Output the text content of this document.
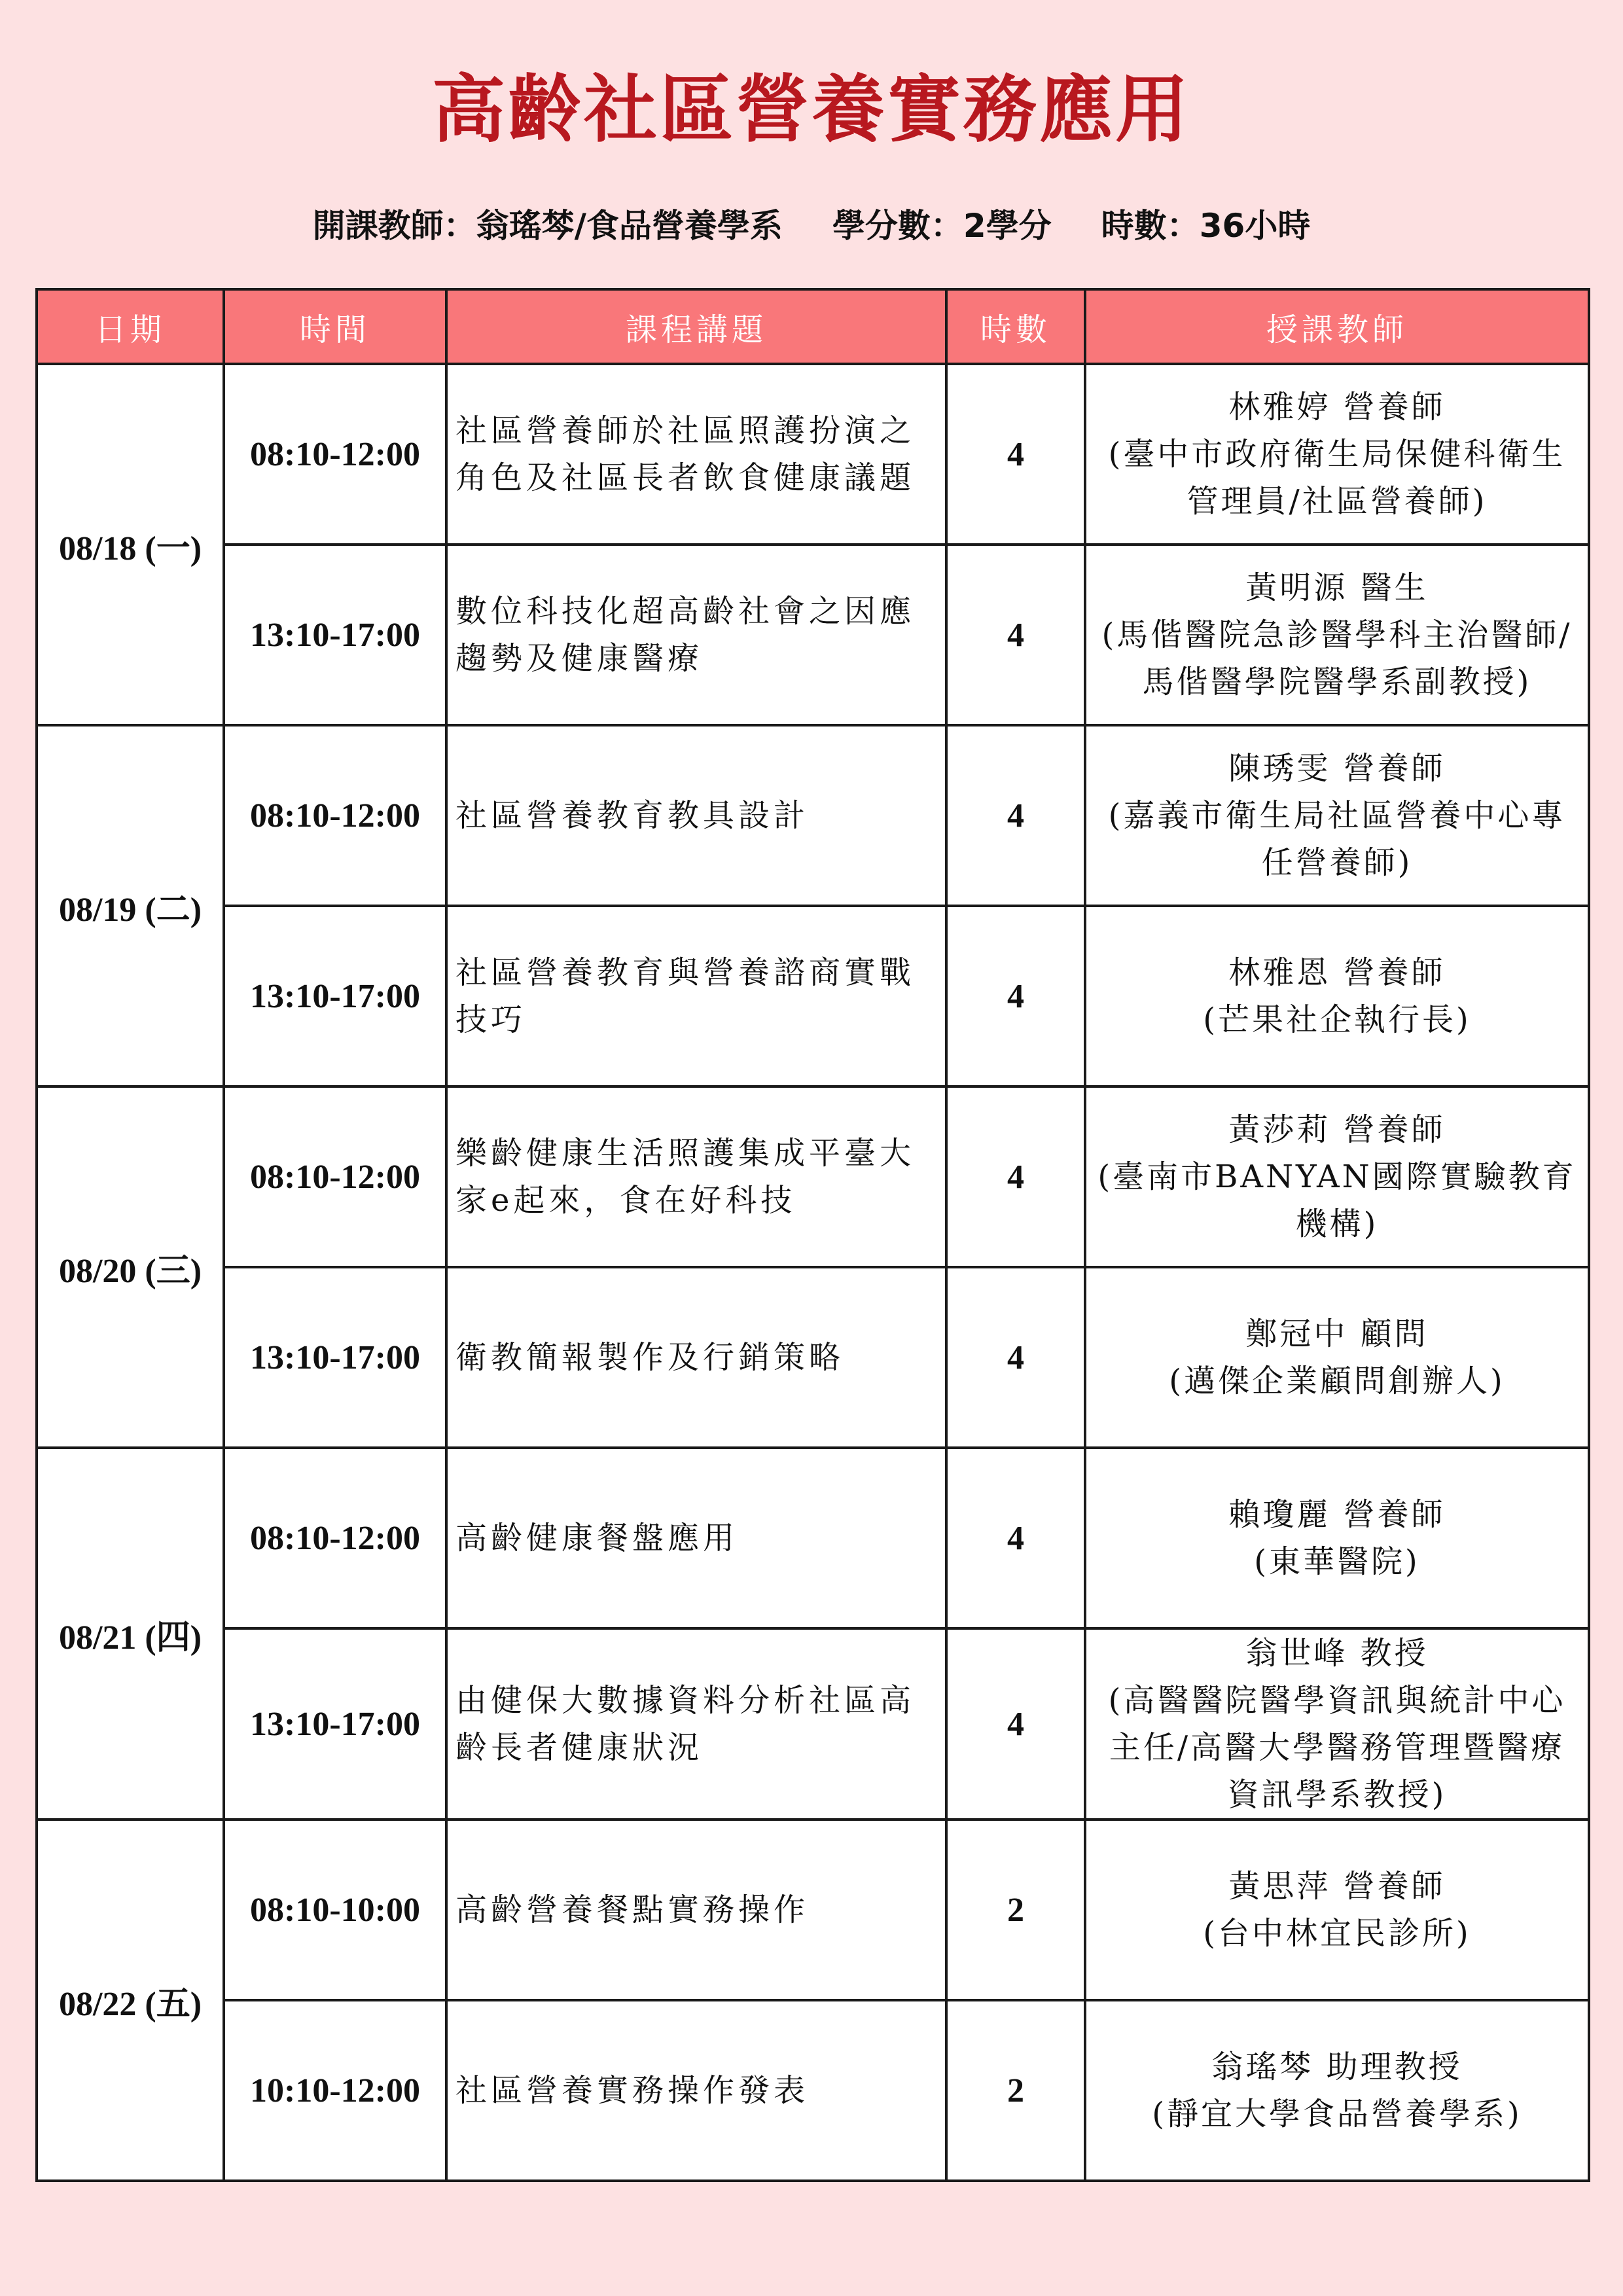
高齡社區營養實務應用
開課教師：翁瑤棽/食品營養學系 學分數：2學分 時數：36小時
日期	時間	課程講題	時數	授課教師
08/18 (一)	08:10-12:00	社區營養師於社區照護扮演之角色及社區長者飲食健康議題	4	林雅婷 營養師
(臺中市政府衛生局保健科衛生管理員/社區營養師)

	13:10-17:00	數位科技化超高齡社會之因應趨勢及健康醫療	4	黃明源 醫生
(馬偕醫院急診醫學科主治醫師/馬偕醫學院醫學系副教授)

08/19 (二)	08:10-12:00	社區營養教育教具設計	4	陳琇雯 營養師
(嘉義市衛生局社區營養中心專任營養師)

	13:10-17:00	社區營養教育與營養諮商實戰技巧	4	林雅恩 營養師
(芒果社企執行長)

08/20 (三)	08:10-12:00	樂齡健康生活照護集成平臺大家e起來，食在好科技	4	黃莎莉 營養師
(臺南市BANYAN國際實驗教育機構)

	13:10-17:00	衛教簡報製作及行銷策略	4	鄭冠中 顧問
(邁傑企業顧問創辦人)

08/21 (四)	08:10-12:00	高齡健康餐盤應用	4	賴瓊麗 營養師
(東華醫院)

	13:10-17:00	由健保大數據資料分析社區高齡長者健康狀況	4	翁世峰 教授
(高醫醫院醫學資訊與統計中心主任/高醫大學醫務管理暨醫療資訊學系教授)

08/22 (五)	08:10-10:00	高齡營養餐點實務操作	2	黃思萍 營養師
(台中林宜民診所)

	10:10-12:00	社區營養實務操作發表	2	翁瑤棽 助理教授
(靜宜大學食品營養學系)
